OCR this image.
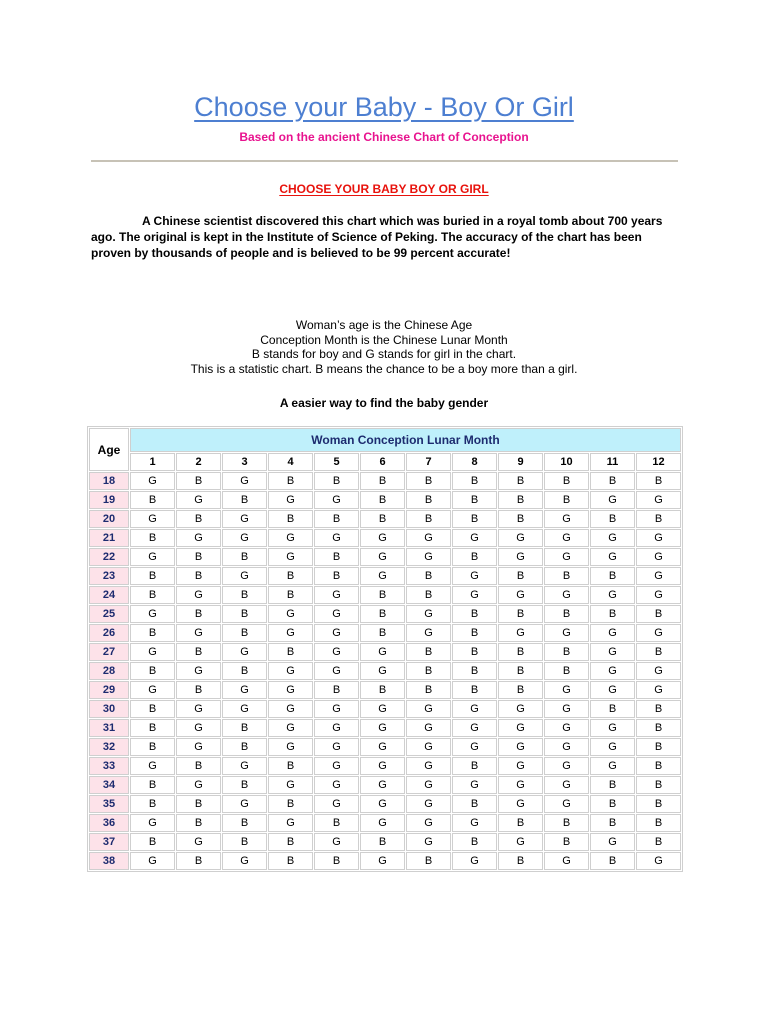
Choose your Baby - Boy Or Girl
Based on the ancient Chinese Chart of Conception
CHOOSE YOUR BABY BOY OR GIRL
A Chinese scientist discovered this chart which was buried in a royal tomb about 700 years ago. The original is kept in the Institute of Science of Peking. The accuracy of the chart has been proven by thousands of people and is believed to be 99 percent accurate!
Woman’s age is the Chinese Age
Conception Month is the Chinese Lunar Month
B stands for boy and G stands for girl in the chart.
This is a statistic chart. B means the chance to be a boy more than a girl.
A easier way to find the baby gender
Age	Woman Conception Lunar Month											
	1	2	3	4	5	6	7	8	9	10	11	12
18	G	B	G	B	B	B	B	B	B	B	B	B
19	B	G	B	G	G	B	B	B	B	B	G	G
20	G	B	G	B	B	B	B	B	B	G	B	B
21	B	G	G	G	G	G	G	G	G	G	G	G
22	G	B	B	G	B	G	G	B	G	G	G	G
23	B	B	G	B	B	G	B	G	B	B	B	G
24	B	G	B	B	G	B	B	G	G	G	G	G
25	G	B	B	G	G	B	G	B	B	B	B	B
26	B	G	B	G	G	B	G	B	G	G	G	G
27	G	B	G	B	G	G	B	B	B	B	G	B
28	B	G	B	G	G	G	B	B	B	B	G	G
29	G	B	G	G	B	B	B	B	B	G	G	G
30	B	G	G	G	G	G	G	G	G	G	B	B
31	B	G	B	G	G	G	G	G	G	G	G	B
32	B	G	B	G	G	G	G	G	G	G	G	B
33	G	B	G	B	G	G	G	B	G	G	G	B
34	B	G	B	G	G	G	G	G	G	G	B	B
35	B	B	G	B	G	G	G	B	G	G	B	B
36	G	B	B	G	B	G	G	G	B	B	B	B
37	B	G	B	B	G	B	G	B	G	B	G	B
38	G	B	G	B	B	G	B	G	B	G	B	G
